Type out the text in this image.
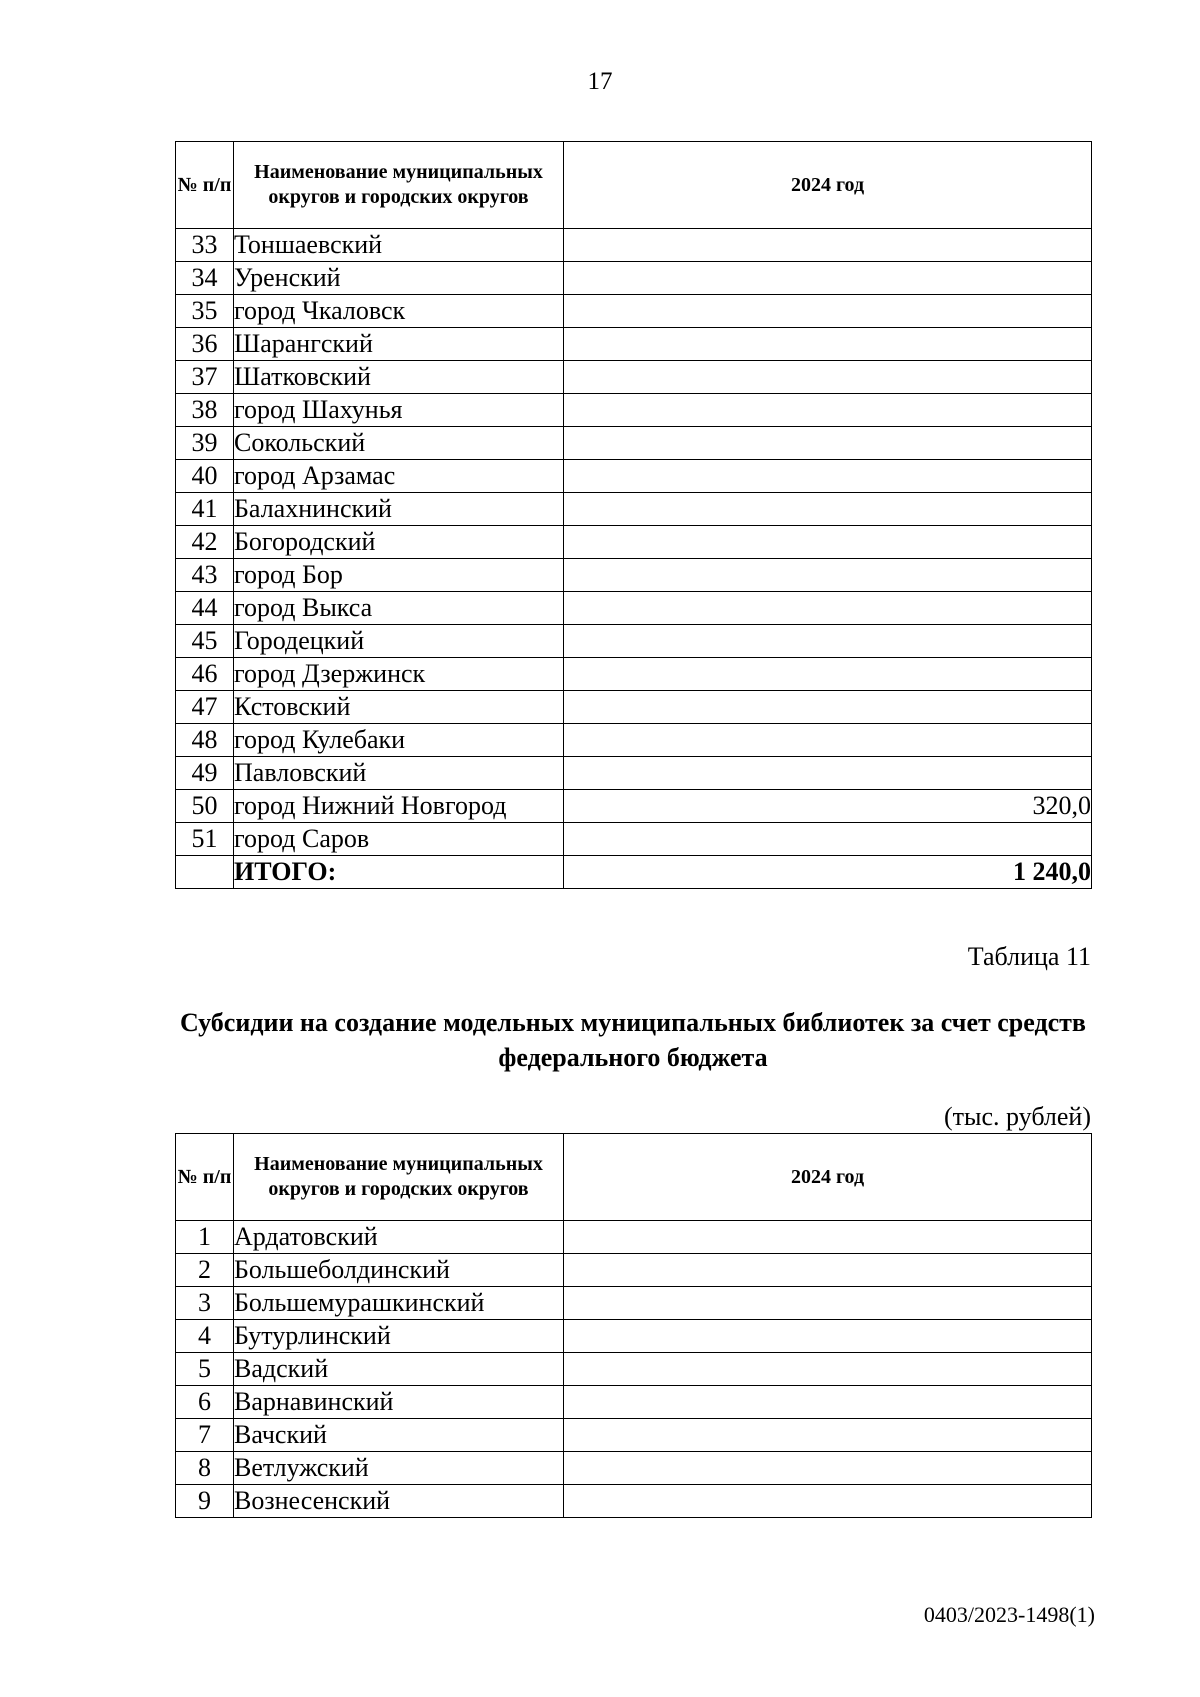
17
№ п/п	Наименование муниципальных округов и городских округов	2024 год
33	Тоншаевский	
34	Уренский	
35	город Чкаловск	
36	Шарангский	
37	Шатковский	
38	город Шахунья	
39	Сокольский	
40	город Арзамас	
41	Балахнинский	
42	Богородский	
43	город Бор	
44	город Выкса	
45	Городецкий	
46	город Дзержинск	
47	Кстовский	
48	город Кулебаки	
49	Павловский	
50	город Нижний Новгород	320,0
51	город Саров	
	ИТОГО:	1 240,0
Таблица 11
Субсидии на создание модельных муниципальных библиотек за счет средств федерального бюджета
(тыс. рублей)
№ п/п	Наименование муниципальных округов и городских округов	2024 год
1	Ардатовский	
2	Большеболдинский	
3	Большемурашкинский	
4	Бутурлинский	
5	Вадский	
6	Варнавинский	
7	Вачский	
8	Ветлужский	
9	Вознесенский	
0403/2023-1498(1)
